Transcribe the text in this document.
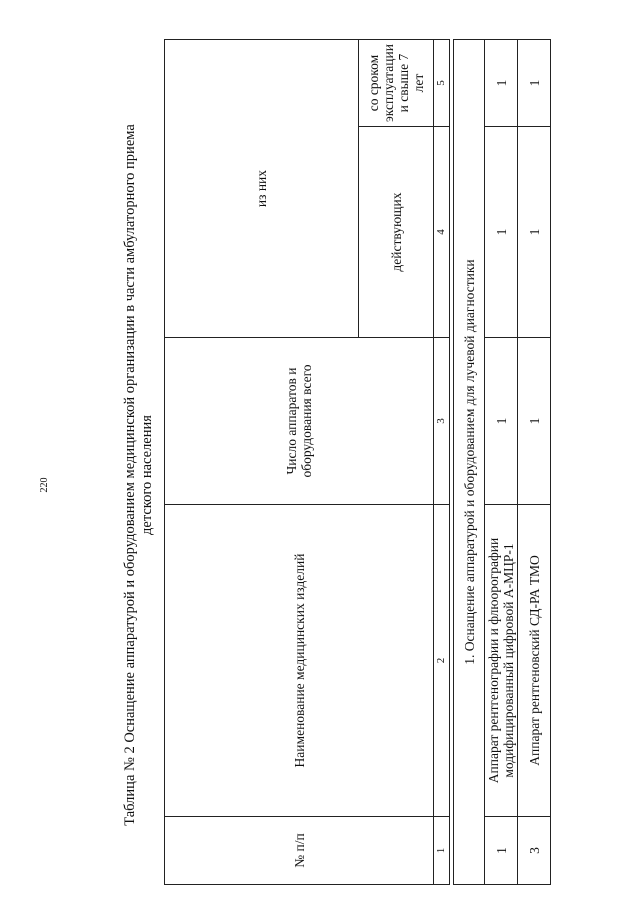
220	Таблица № 2 Оснащение аппаратурой и оборудованием медицинской организации в части амбулаторного приема детского населения
№ п/п	Наименование медицинских изделий	Число аппаратов и оборудования всего	из них	
			действующих	со сроком эксплуатации и свыше 7 лет
1	2	3	4	5

1. Оснащение аппаратурой и оборудованием для лучевой диагностики				
1	Аппарат рентгенографии и флюорографии модифицированный цифровой А-МЦР-1	1	1	1
3	Аппарат рентгеновский СД-РА ТМО	1	1	1
